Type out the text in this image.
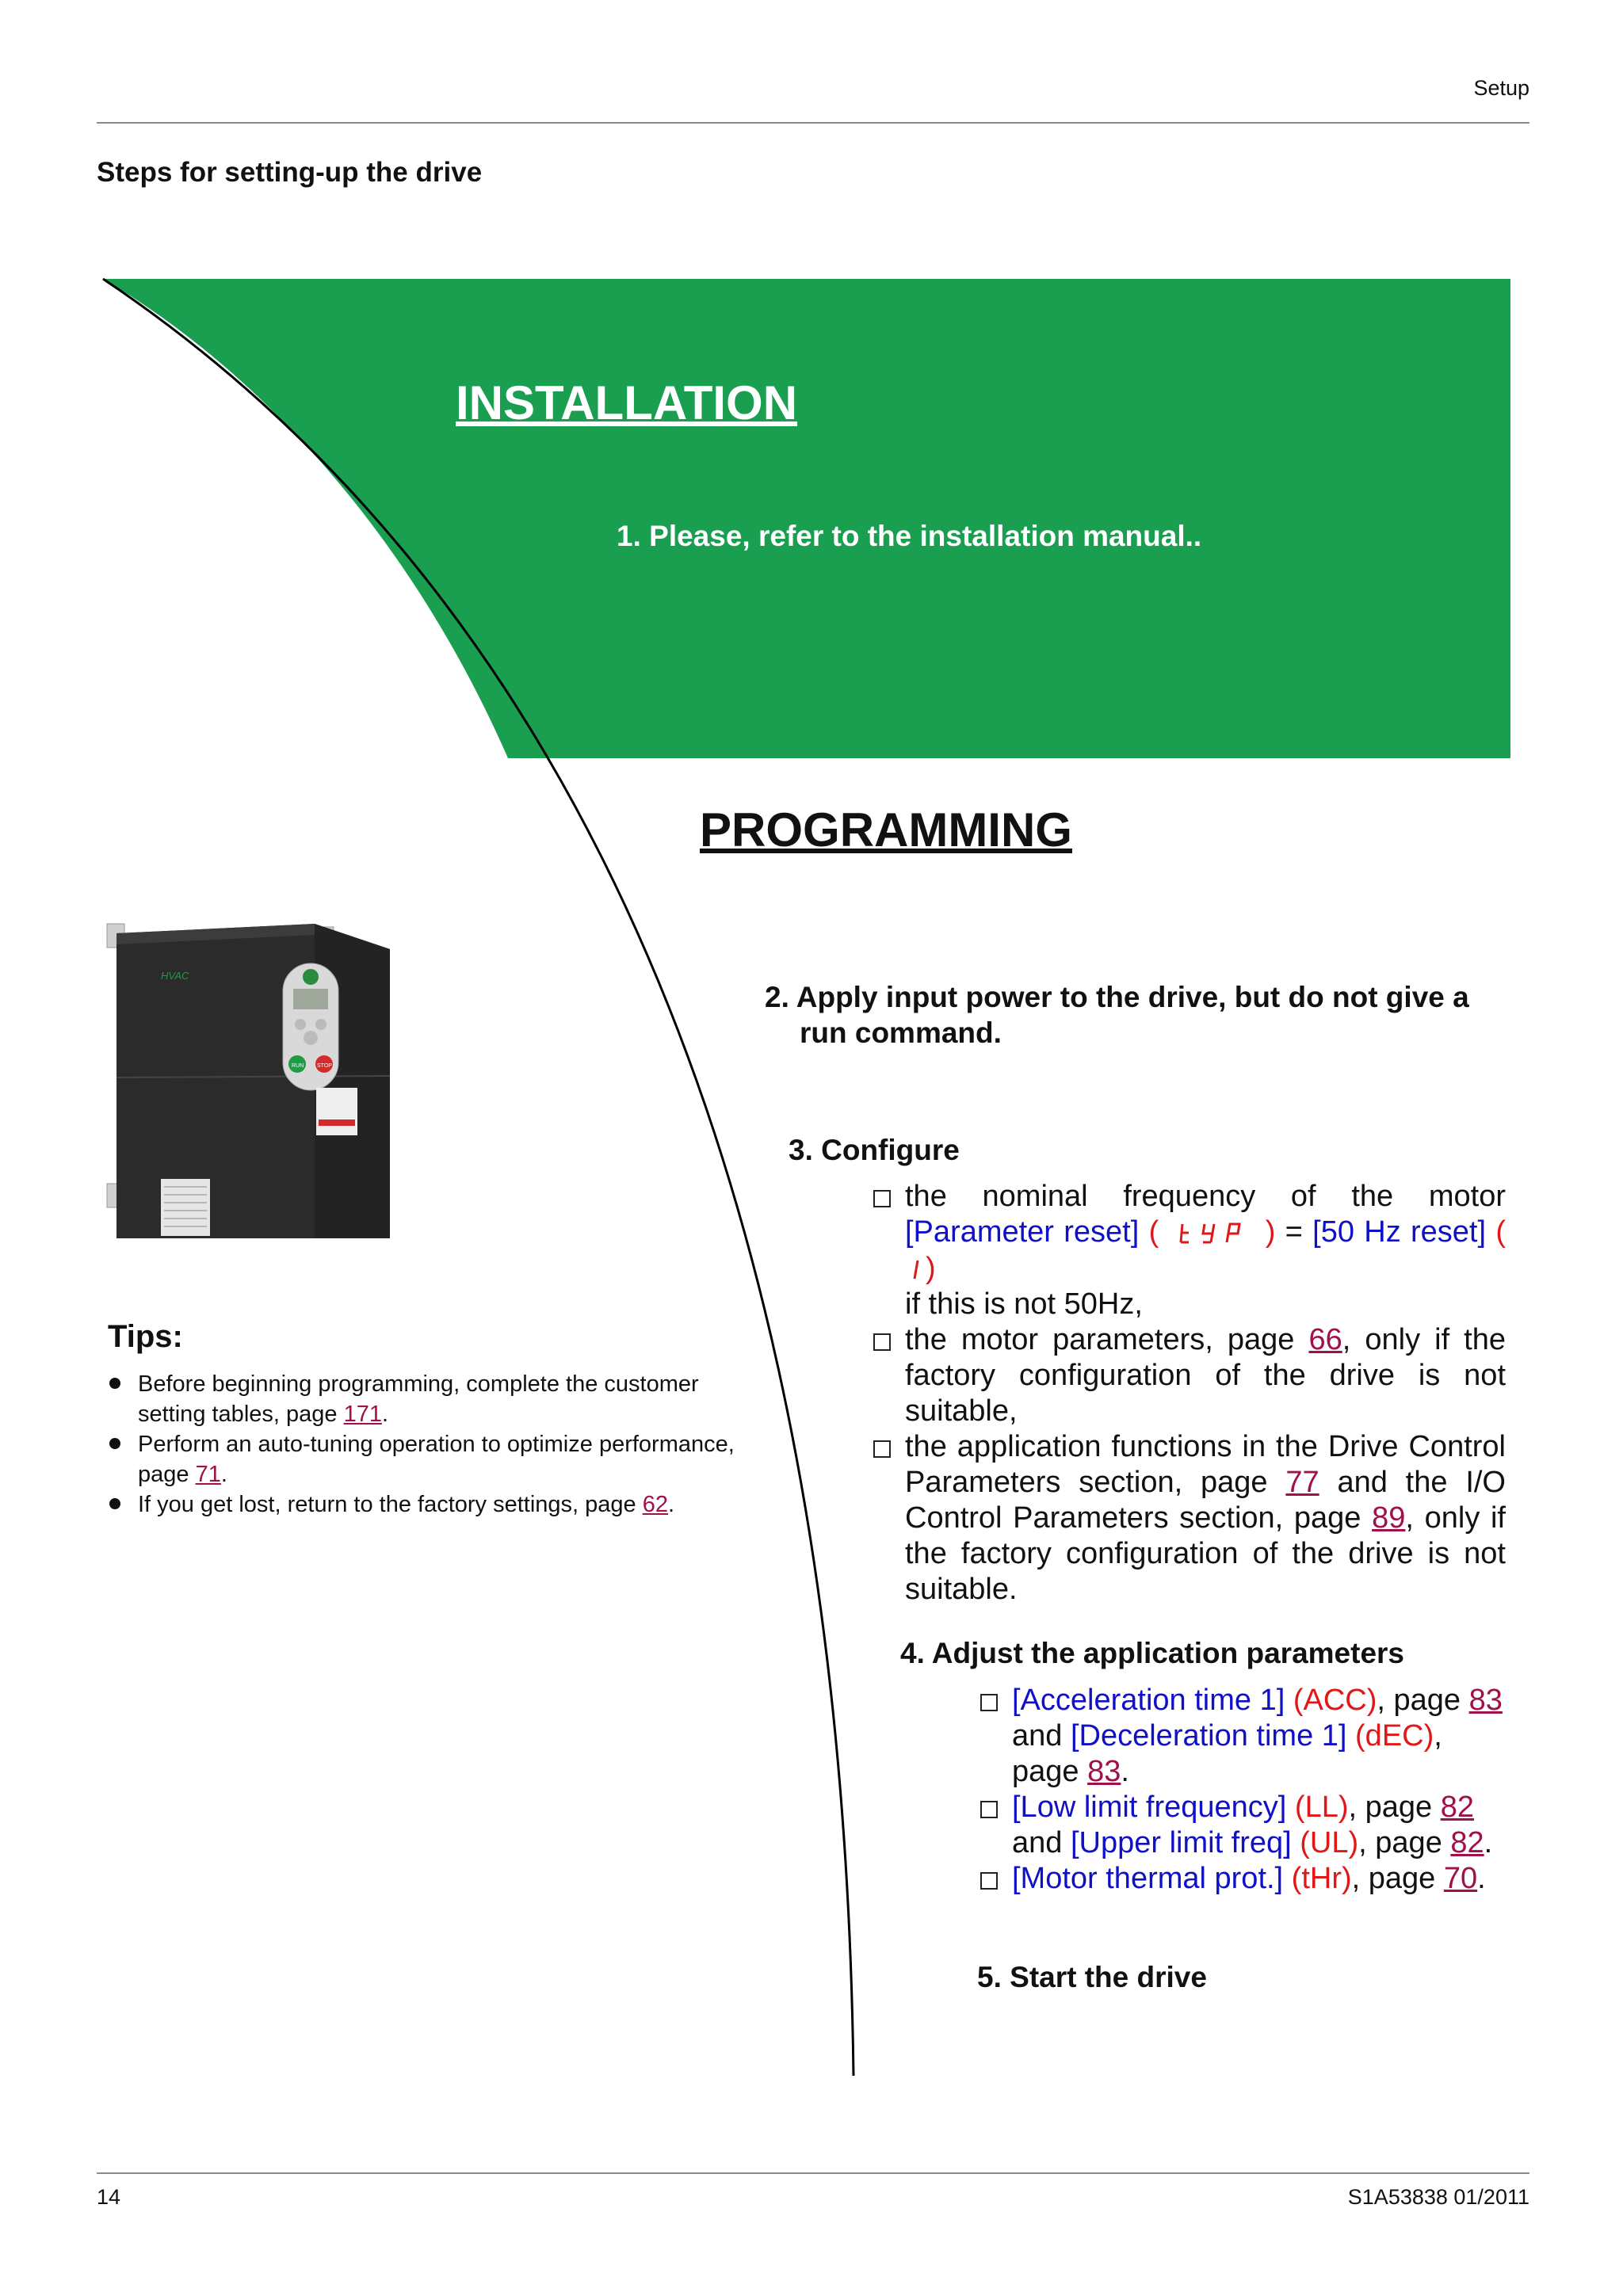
Setup
Steps for setting-up the drive
INSTALLATION
1. Please, refer to the installation manual..
PROGRAMMING
HVAC
RUN STOP
2. Apply input power to the drive, but do not give a
run command.
3. Configure
the nominal frequency of the motor
[Parameter reset] (	) = [50 Hz reset] ()
if this is not 50Hz,
the motor parameters, page 66, only if the factory configuration of the drive is not suitable,
the application functions in the Drive Control Parameters section, page 77 and the I/O Control Parameters section, page 89, only if the factory configuration of the drive is not suitable.
4. Adjust the application parameters
[Acceleration time 1] (ACC), page 83
and [Deceleration time 1] (dEC),
page 83.
[Low limit frequency] (LL), page 82
and [Upper limit freq] (UL), page 82.
[Motor thermal prot.] (tHr), page 70.
5. Start the drive
Tips:
Before beginning programming, complete the customer setting tables, page 171.
Perform an auto-tuning operation to optimize performance, page 71.
If you get lost, return to the factory settings, page 62.
14	S1A53838 01/2011
